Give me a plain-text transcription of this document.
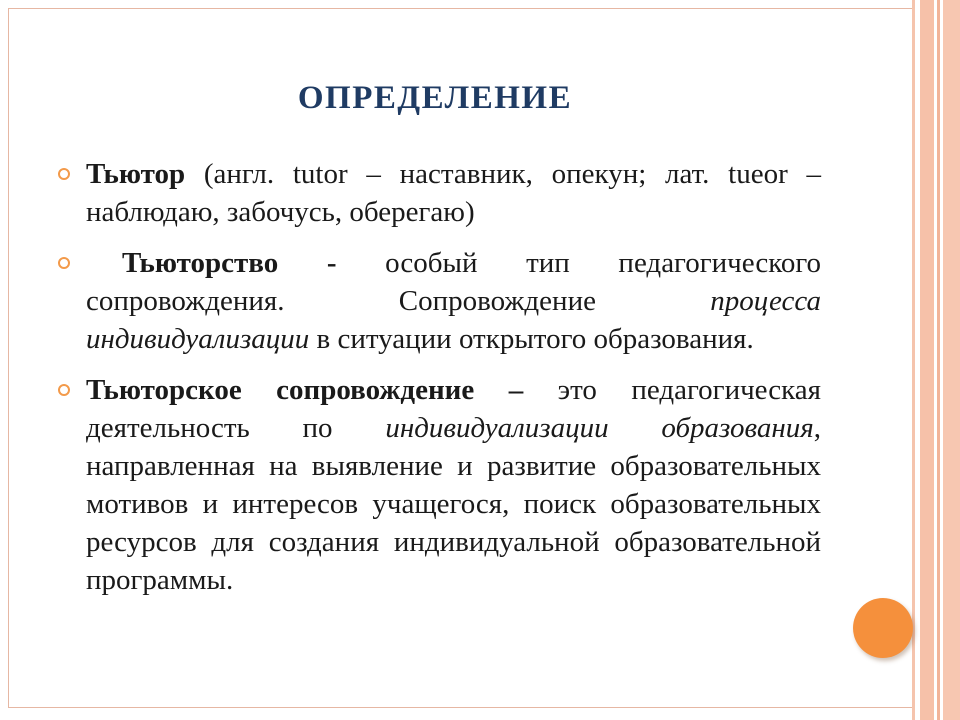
ОПРЕДЕЛЕНИЕ
Тьютор (англ. tutor – наставник, опекун; лат. tueor – наблюдаю, забочусь, оберегаю)
Тьюторство - особый тип педагогического сопровождения. Сопровождение процесса индивидуализации в ситуации открытого образования.
Тьюторское сопровождение – это педагогическая деятельность по индивидуализации образования, направленная на выявление и развитие образовательных мотивов и интересов учащегося, поиск образовательных ресурсов для создания индивидуальной образовательной программы.
